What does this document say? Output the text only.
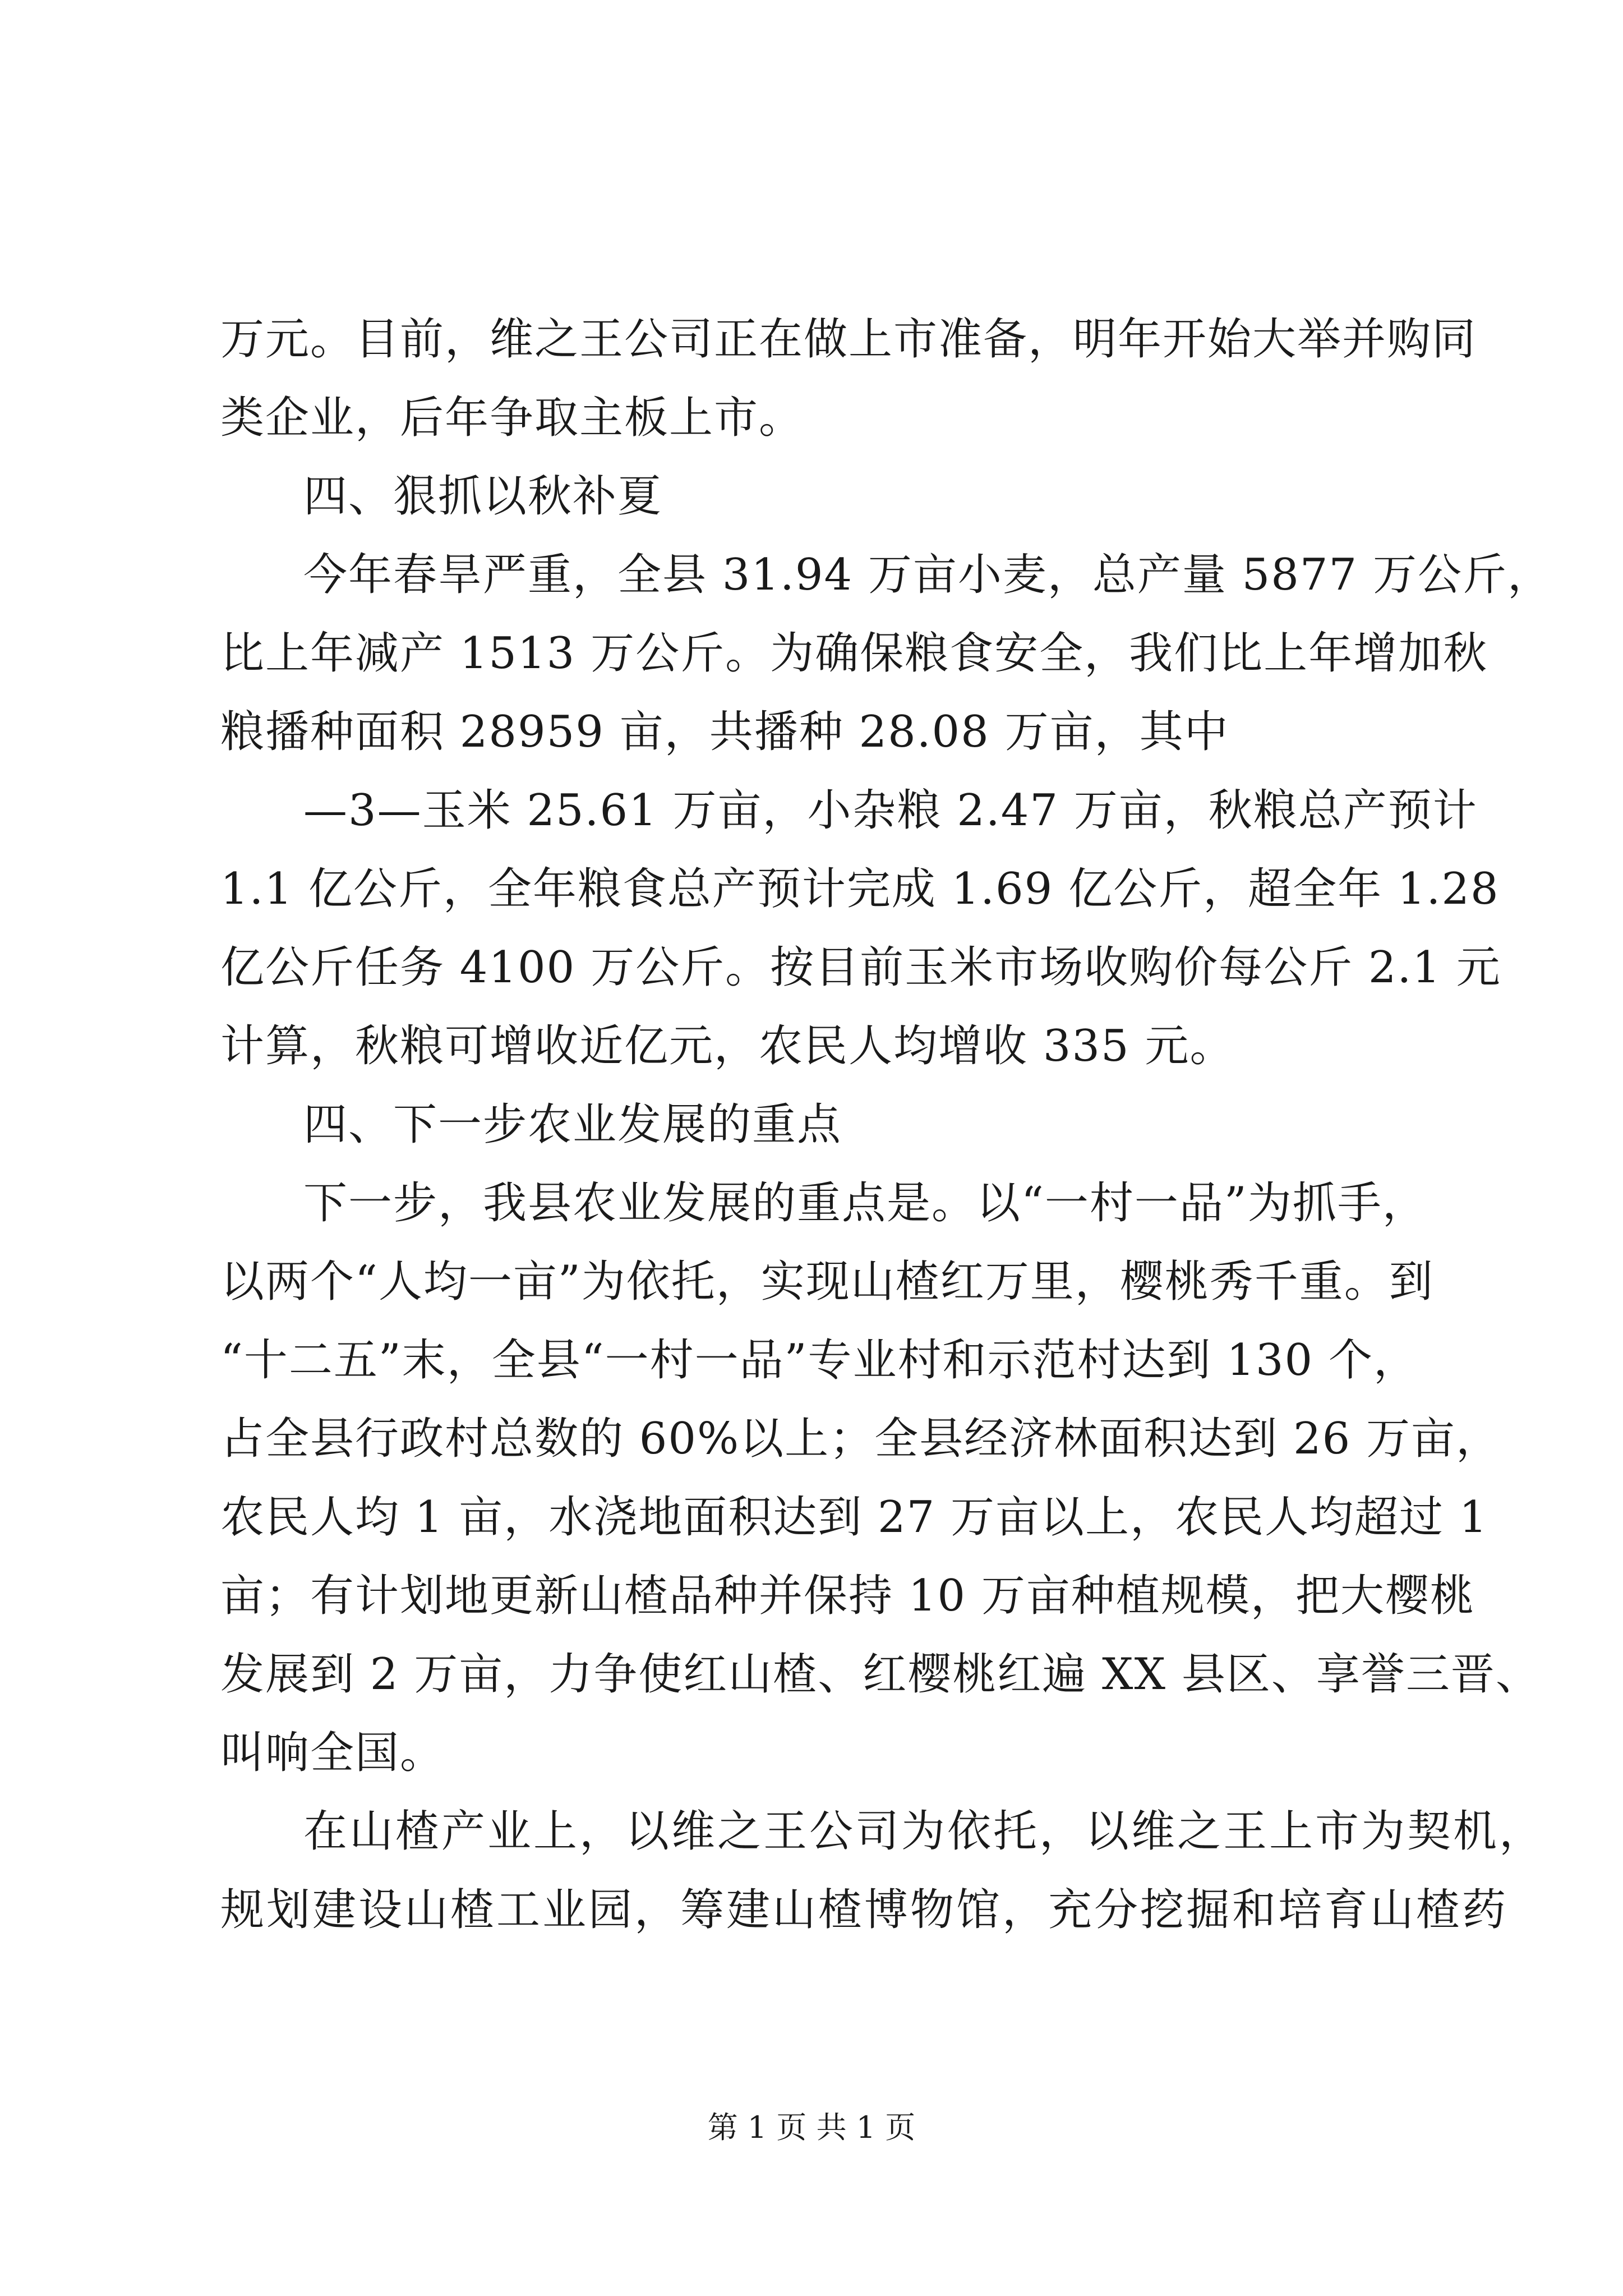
万元。目前，维之王公司正在做上市准备，明年开始大举并购同
类企业，后年争取主板上市。
四、狠抓以秋补夏
今年春旱严重，全县 31.94 万亩小麦，总产量 5877 万公斤，
比上年减产 1513 万公斤。为确保粮食安全，我们比上年增加秋
粮播种面积 28959 亩，共播种 28.08 万亩，其中
—3—玉米 25.61 万亩，小杂粮 2.47 万亩，秋粮总产预计
1.1 亿公斤，全年粮食总产预计完成 1.69 亿公斤，超全年 1.28
亿公斤任务 4100 万公斤。按目前玉米市场收购价每公斤 2.1 元
计算，秋粮可增收近亿元，农民人均增收 335 元。
四、下一步农业发展的重点
下一步，我县农业发展的重点是。以“一村一品”为抓手，
以两个“人均一亩”为依托，实现山楂红万里，樱桃秀千重。到
“十二五”末，全县“一村一品”专业村和示范村达到 130 个，
占全县行政村总数的 60%以上；全县经济林面积达到 26 万亩，
农民人均 1 亩，水浇地面积达到 27 万亩以上，农民人均超过 1
亩；有计划地更新山楂品种并保持 10 万亩种植规模，把大樱桃
发展到 2 万亩，力争使红山楂、红樱桃红遍 XX 县区、享誉三晋、
叫响全国。
在山楂产业上，以维之王公司为依托，以维之王上市为契机，
规划建设山楂工业园，筹建山楂博物馆，充分挖掘和培育山楂药
第 1 页 共 1 页
